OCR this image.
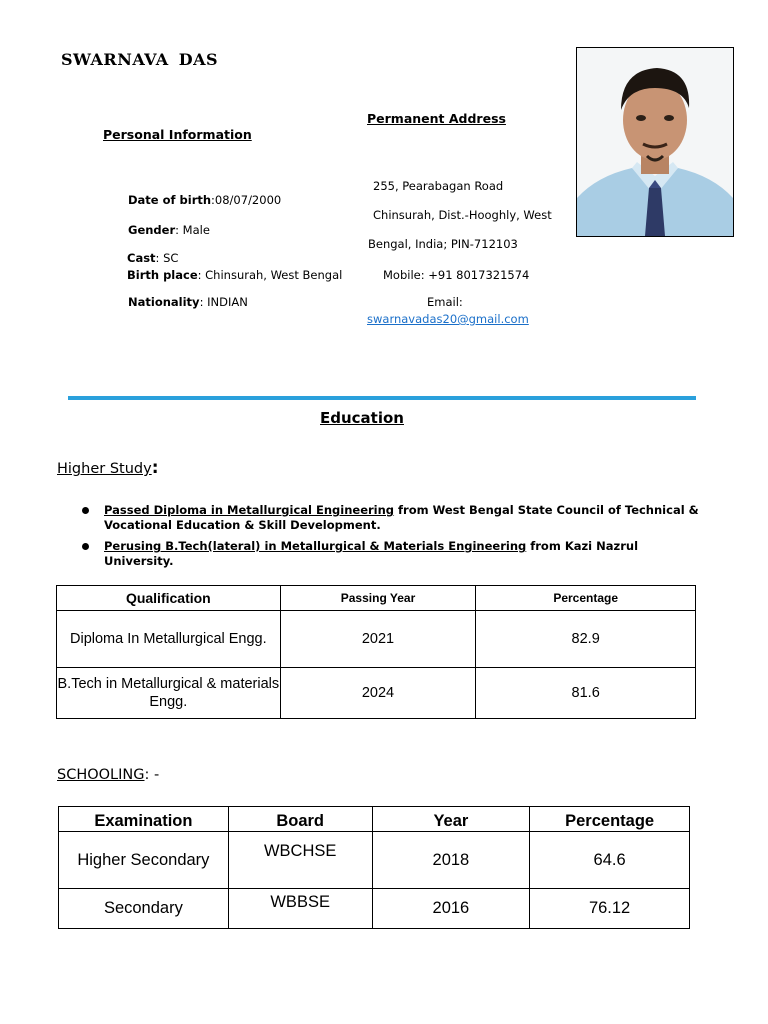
SWARNAVA DAS
Personal Information
Date of birth:08/07/2000
Gender: Male
Cast: SC
Birth place: Chinsurah, West Bengal
Nationality: INDIAN
Permanent Address
255, Pearabagan Road
Chinsurah, Dist.-Hooghly, West
Bengal, India; PIN-712103
Mobile: +91 8017321574
Email:
swarnavadas20@gmail.com
Education
Higher Study:
Passed Diploma in Metallurgical Engineering from West Bengal State Council of Technical & Vocational Education & Skill Development.
Perusing B.Tech(lateral) in Metallurgical & Materials Engineering from Kazi Nazrul University.
Qualification	Passing Year	Percentage
Diploma In Metallurgical Engg.	2021	82.9
B.Tech in Metallurgical & materials Engg.	2024	81.6
SCHOOLING: -
Examination	Board	Year	Percentage
Higher Secondary	WBCHSE	2018	64.6
Secondary	WBBSE	2016	76.12
